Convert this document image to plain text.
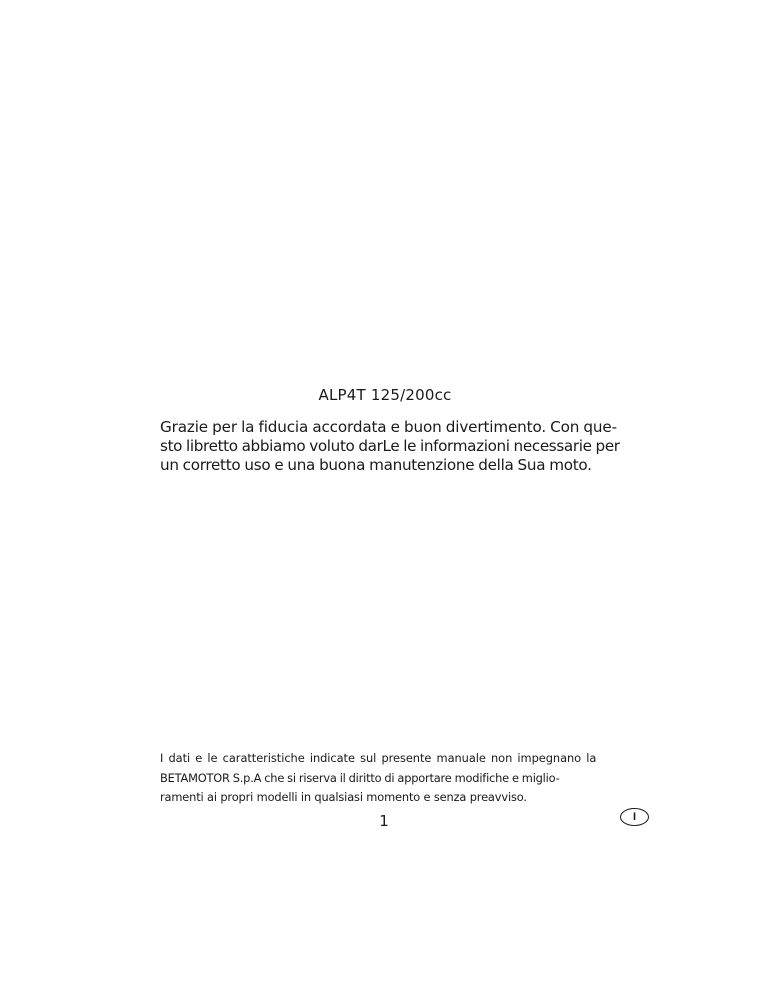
ALP4T 125/200cc

Grazie per la fiducia accordata e buon divertimento. Con que-
sto libretto abbiamo voluto darLe le informazioni necessarie per
un corretto uso e una buona manutenzione della Sua moto.

I dati e le caratteristiche indicate sul presente manuale non impegnano la
BETAMOTOR S.p.A che si riserva il diritto di apportare modifiche e miglio-
ramenti ai propri modelli in qualsiasi momento e senza preavviso.

1	I
